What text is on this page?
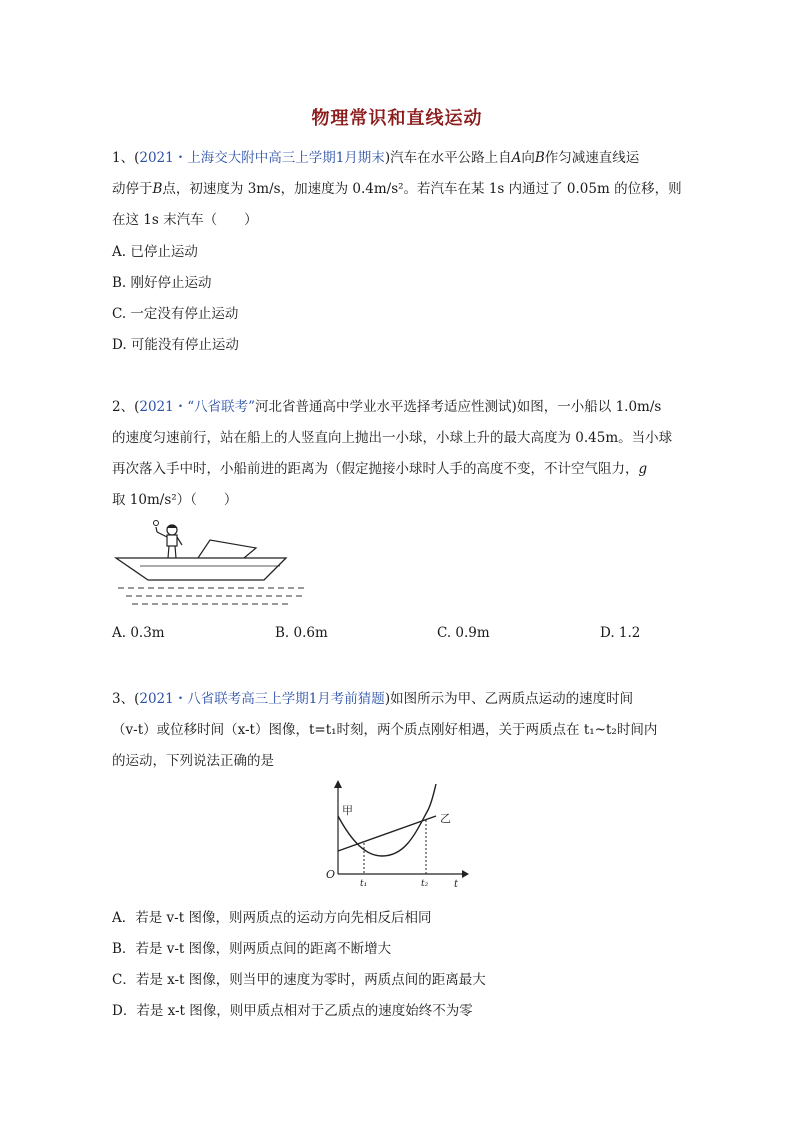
物理常识和直线运动
1、(2021・上海交大附中高三上学期1月期末)汽车在水平公路上自A向B作匀减速直线运
动停于B点，初速度为 3m/s，加速度为 0.4m/s²。若汽车在某 1s 内通过了 0.05m 的位移，则
在这 1s 末汽车（　　）
A. 已停止运动
B. 刚好停止运动
C. 一定没有停止运动
D. 可能没有停止运动
2、(2021・“八省联考”河北省普通高中学业水平选择考适应性测试)如图，一小船以 1.0m/s
的速度匀速前行，站在船上的人竖直向上抛出一小球，小球上升的最大高度为 0.45m。当小球
再次落入手中时，小船前进的距离为（假定抛接小球时人手的高度不变，不计空气阻力，g
取 10m/s²）（　　）
A. 0.3m	B. 0.6m	C. 0.9m	D. 1.2
3、(2021・八省联考高三上学期1月考前猜题)如图所示为甲、乙两质点运动的速度时间
（v-t）或位移时间（x-t）图像，t=t₁时刻，两个质点刚好相遇，关于两质点在 t₁~t₂时间内
的运动，下列说法正确的是
甲
乙
O
t₁	t₂	t
A．若是 v-t 图像，则两质点的运动方向先相反后相同
B．若是 v-t 图像，则两质点间的距离不断增大
C．若是 x-t 图像，则当甲的速度为零时，两质点间的距离最大
D．若是 x-t 图像，则甲质点相对于乙质点的速度始终不为零
